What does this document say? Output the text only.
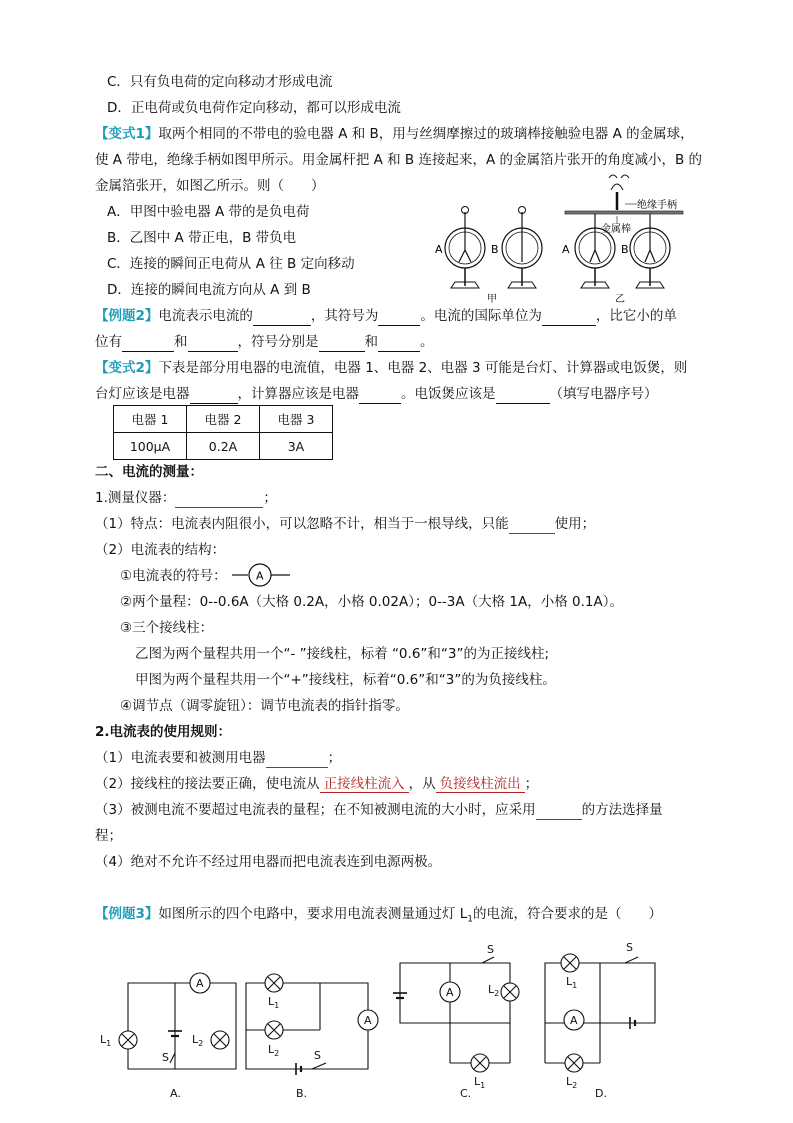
C．只有负电荷的定向移动才形成电流
D．正电荷或负电荷作定向移动，都可以形成电流
【变式1】取两个相同的不带电的验电器 A 和 B，用与丝绸摩擦过的玻璃棒接触验电器 A 的金属球，
使 A 带电，绝缘手柄如图甲所示。用金属杆把 A 和 B 连接起来，A 的金属箔片张开的角度减小，B 的
金属箔张开，如图乙所示。则（　　）
A．甲图中验电器 A 带的是负电荷
B．乙图中 A 带正电，B 带负电
C．连接的瞬间正电荷从 A 往 B 定向移动
D．连接的瞬间电流方向从 A 到 B
A	B
甲
绝缘手柄
金属棒
A	B
乙
【例题2】电流表示电流的	，其符号为	。电流的国际单位为	，比它小的单
位有	和	，符号分别是	和	。
【变式2】下表是部分用电器的电流值，电器 1、电器 2、电器 3 可能是台灯、计算器或电饭煲，则
台灯应该是电器	，计算器应该是电器	。电饭煲应该是	（填写电器序号）
电器 1	电器 2	电器 3
100μA	0.2A	3A
二、电流的测量：
1.测量仪器：	；
（1）特点：电流表内阻很小，可以忽略不计，相当于一根导线，只能	使用；
（2）电流表的结构：
①电流表的符号：	A
②两个量程：0--0.6A（大格 0.2A，小格 0.02A）；0--3A（大格 1A，小格 0.1A）。
③三个接线柱：
乙图为两个量程共用一个“- ”接线柱，标着 “0.6”和“3”的为正接线柱;
甲图为两个量程共用一个“+”接线柱，标着“0.6”和“3”的为负接线柱。
④调节点（调零旋钮）：调节电流表的指针指零。
2.电流表的使用规则：
（1）电流表要和被测用电器	；
（2）接线柱的接法要正确，使电流从 正接线柱流入 ，从 负接线柱流出 ；
（3）被测电流不要超过电流表的量程；在不知被测电流的大小时，应采用	的方法选择量
程；
（4）绝对不允许不经过用电器而把电流表连到电源两极。
【例题3】如图所示的四个电路中，要求用电流表测量通过灯 $L_1$的电流，符合要求的是（　　）
A
$L_1$	$L_2$
S
A.
A
$L_1$
$L_2$	S
B.
A	$L_2$
$L_1$
S
C.
A
$L_1$
$L_2$
S
D.
